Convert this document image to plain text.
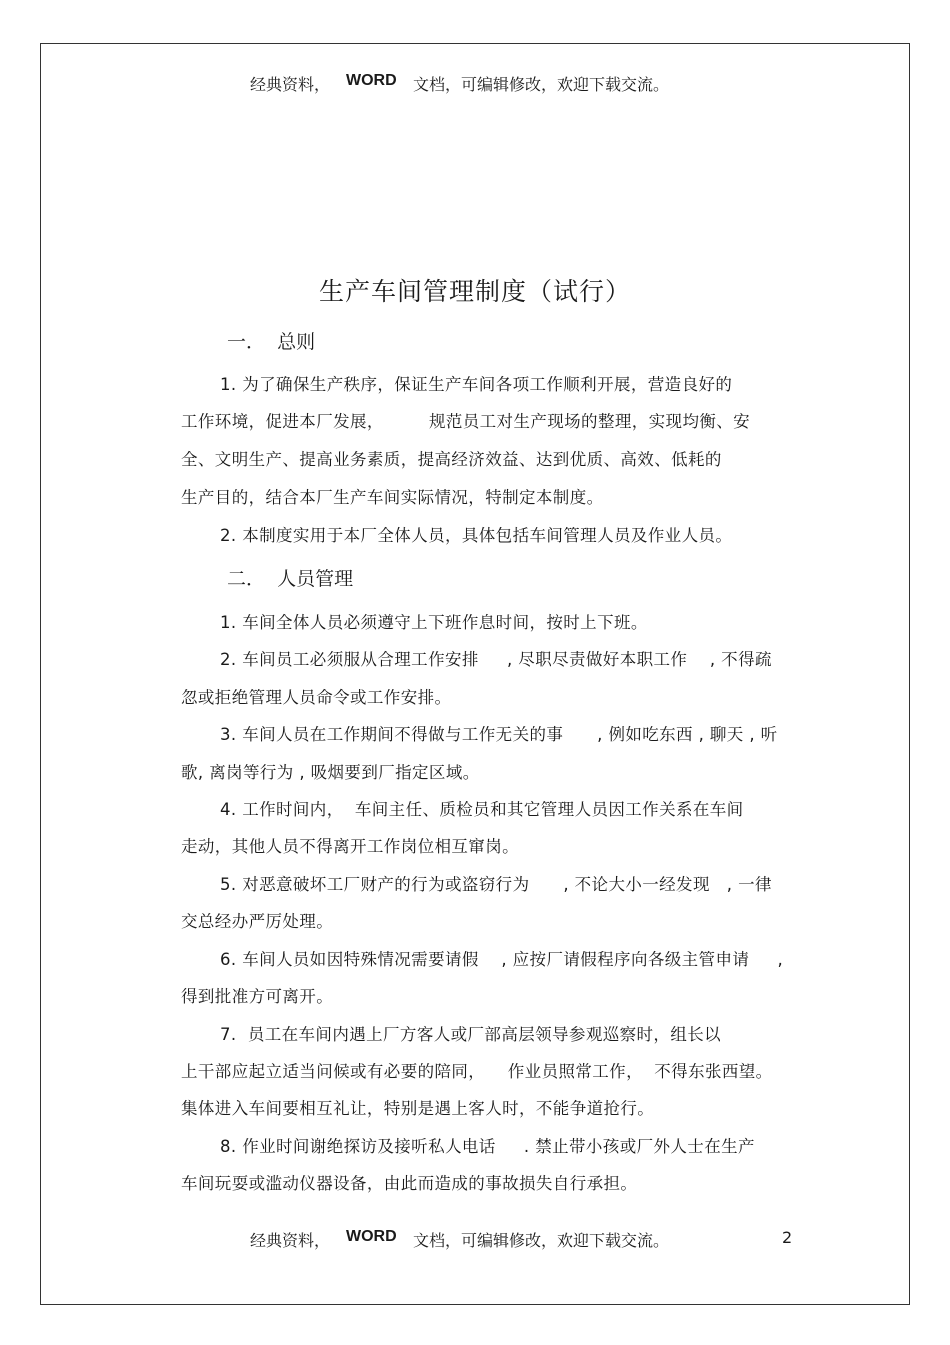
经典资料， WORD 文档，可编辑修改，欢迎下载交流。
生产车间管理制度（试行）
一．  总则
1. 为了确保生产秩序，保证生产车间各项工作顺利开展，营造良好的
工作环境，促进本厂发展，        规范员工对生产现场的整理，实现均衡、安
全、文明生产、提高业务素质，提高经济效益、达到优质、高效、低耗的
生产目的，结合本厂生产车间实际情况，特制定本制度。
2. 本制度实用于本厂全体人员，具体包括车间管理人员及作业人员。
二．  人员管理
1. 车间全体人员必须遵守上下班作息时间，按时上下班。
2. 车间员工必须服从合理工作安排     , 尽职尽责做好本职工作    , 不得疏
忽或拒绝管理人员命令或工作安排。
3. 车间人员在工作期间不得做与工作无关的事      , 例如吃东西 , 聊天 , 听
歌, 离岗等行为 , 吸烟要到厂指定区域。
4. 工作时间内，  车间主任、质检员和其它管理人员因工作关系在车间
走动，其他人员不得离开工作岗位相互窜岗。
5. 对恶意破坏工厂财产的行为或盗窃行为      , 不论大小一经发现   , 一律
交总经办严厉处理。
6. 车间人员如因特殊情况需要请假    , 应按厂请假程序向各级主管申请     ,
得到批准方可离开。
7.  员工在车间内遇上厂方客人或厂部高层领导参观巡察时，组长以
上干部应起立适当问候或有必要的陪同，    作业员照常工作，  不得东张西望。
集体进入车间要相互礼让，特别是遇上客人时，不能争道抢行。
8. 作业时间谢绝探访及接听私人电话     . 禁止带小孩或厂外人士在生产
车间玩耍或滥动仪器设备，由此而造成的事故损失自行承担。
经典资料， WORD 文档，可编辑修改，欢迎下载交流。	2
